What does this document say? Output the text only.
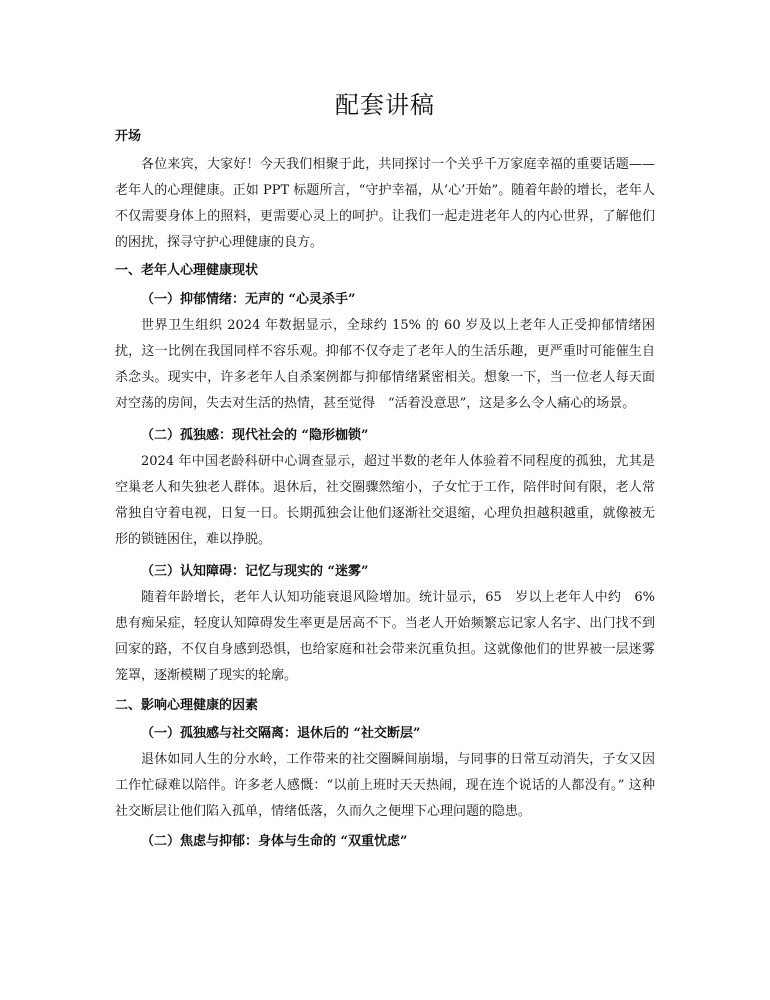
配套讲稿

开场

各位来宾，大家好！今天我们相聚于此，共同探讨一个关乎千万家庭幸福的重要话题—— 老年人的心理健康。正如 PPT 标题所言，“守护幸福，从‘心’开始”。随着年龄的增长，老年人不仅需要身体上的照料，更需要心灵上的呵护。让我们一起走进老年人的内心世界，了解他们的困扰，探寻守护心理健康的良方。

一、老年人心理健康现状

（一）抑郁情绪：无声的 “心灵杀手”

世界卫生组织 2024 年数据显示，全球约 15% 的 60 岁及以上老年人正受抑郁情绪困扰，这一比例在我国同样不容乐观。抑郁不仅夺走了老年人的生活乐趣，更严重时可能催生自杀念头。现实中，许多老年人自杀案例都与抑郁情绪紧密相关。想象一下，当一位老人每天面对空荡的房间，失去对生活的热情，甚至觉得　“活着没意思”，这是多么令人痛心的场景。

（二）孤独感：现代社会的 “隐形枷锁”

2024 年中国老龄科研中心调查显示，超过半数的老年人体验着不同程度的孤独，尤其是空巢老人和失独老人群体。退休后，社交圈骤然缩小，子女忙于工作，陪伴时间有限，老人常常独自守着电视，日复一日。长期孤独会让他们逐渐社交退缩，心理负担越积越重，就像被无形的锁链困住，难以挣脱。

（三）认知障碍：记忆与现实的 “迷雾”

随着年龄增长，老年人认知功能衰退风险增加。统计显示，65　岁以上老年人中约　6%患有痴呆症，轻度认知障碍发生率更是居高不下。当老人开始频繁忘记家人名字、出门找不到回家的路，不仅自身感到恐惧，也给家庭和社会带来沉重负担。这就像他们的世界被一层迷雾笼罩，逐渐模糊了现实的轮廓。

二、影响心理健康的因素

（一）孤独感与社交隔离：退休后的 “社交断层”

退休如同人生的分水岭，工作带来的社交圈瞬间崩塌，与同事的日常互动消失，子女又因工作忙碌难以陪伴。许多老人感慨：“以前上班时天天热闹，现在连个说话的人都没有。” 这种社交断层让他们陷入孤单，情绪低落，久而久之便埋下心理问题的隐患。

（二）焦虑与抑郁：身体与生命的 “双重忧虑”
